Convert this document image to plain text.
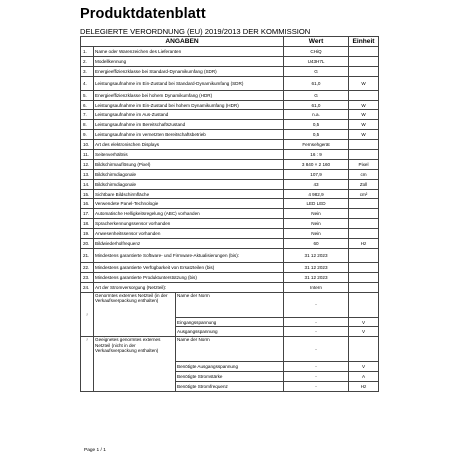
Produktdatenblatt
DELEGIERTE VERORDNUNG (EU) 2019/2013 DER KOMMISSION
ANGABEN			Wert	Einheit
1.	Name oder Warenzeichen des Lieferanten		CHiQ	
2.	Modellkennung		U43H7L	
3.	Energieeffizienzklasse bei Standard-Dynamikumfang (SDR)		G	
4.	Leistungsaufnahme im Ein-Zustand bei Standard-Dynamikumfang (SDR)		61,0	W
5.	Energieeffizienzklasse bei hohem Dynamikumfang (HDR)		G	
6.	Leistungsaufnahme im Ein-Zustand bei hohem Dynamikumfang (HDR)		61,0	W
7.	Leistungsaufnahme im Aus-Zustand		n.a.	W
8.	Leistungsaufnahme im Bereitschaftszustand		0,5	W
9.	Leistungsaufnahme im vernetzten Bereitschaftsbetrieb		0,5	W
10.	Art des elektronischen Displays		Fernsehgerät	
11.	Seitenverhältnis		16 : 9	
12.	Bildschirmauflösung (Pixel)		3 840 × 2 160	Pixel
13.	Bildschirmdiagonale		107,9	cm
14.	Bildschirmdiagonale		43	Zoll
15.	Sichtbare Bildschirmfläche		4 982,9	cm²
16.	Verwendete Panel-Technologie		LED LED	
17.	Automatische Helligkeitsregelung (ABC) vorhanden		Nein	
18.	Spracherkennungssensor vorhanden		Nein	
19.	Anwesenheitssensor vorhanden		Nein	
20.	Bildwiederholfrequenz		60	Hz
21.	Mindestens garantierte Software- und Firmware-Aktualisierungen (bis):		31 12 2023	
22.	Mindestens garantierte Verfügbarkeit von Ersatzteilen (bis)		31 12 2023	
23.	Mindestens garantierte Produktunterstützung (bis)		31 12 2023	
24.	Art der Stromversorgung (Netzteil):		Intern	
ⱼ	Genormtes externes Netzteil (in der Verkaufsverpackung enthalten)	Name der Norm	-	
		Eingangsspannung	-	V
		Ausgangsspannung	-	V
ⱼ	Geeignetes genormtes externes Netzteil (nicht in der Verkaufsverpackung enthalten)	Name der Norm	-	
		Benötigte Ausgangsspannung	-	V
		Benötigte Stromstärke	-	A
		Benötigte Stromfrequenz	-	Hz
Page 1 / 1
